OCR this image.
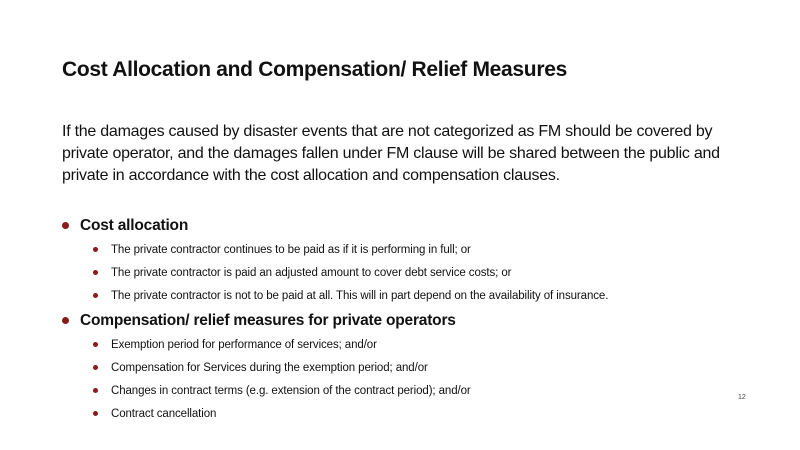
Cost Allocation and Compensation/ Relief Measures
If the damages caused by disaster events that are not categorized as FM should be covered by private operator, and the damages fallen under FM clause will be shared between the public and private in accordance with the cost allocation and compensation clauses.
Cost allocation
The private contractor continues to be paid as if it is performing in full; or
The private contractor is paid an adjusted amount to cover debt service costs; or
The private contractor is not to be paid at all. This will in part depend on the availability of insurance.
Compensation/ relief measures for private operators
Exemption period for performance of services; and/or
Compensation for Services during the exemption period; and/or
Changes in contract terms (e.g. extension of the contract period); and/or
Contract cancellation
12
